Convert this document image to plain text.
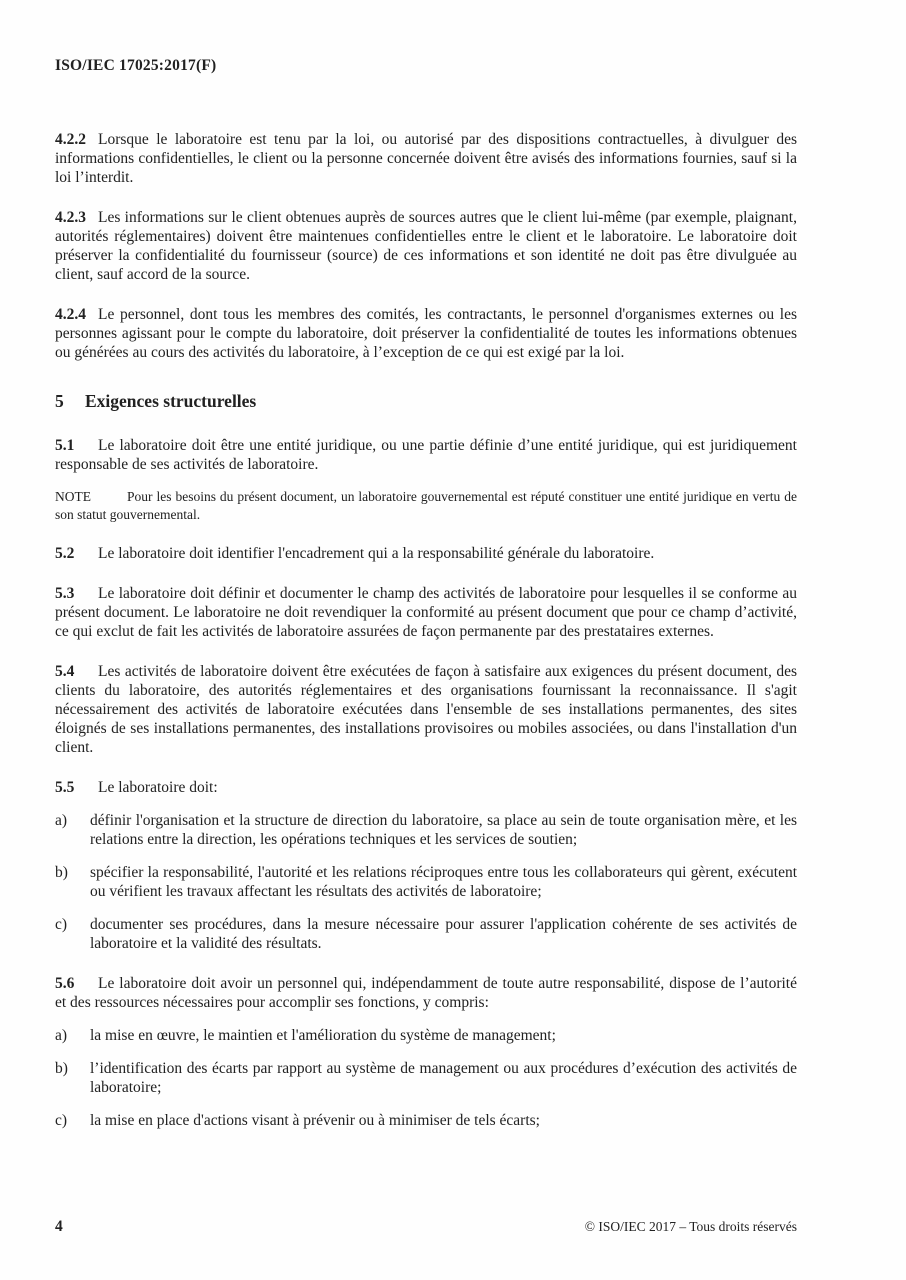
ISO/IEC 17025:2017(F)

4.2.2 Lorsque le laboratoire est tenu par la loi, ou autorisé par des dispositions contractuelles, à divulguer des informations confidentielles, le client ou la personne concernée doivent être avisés des informations fournies, sauf si la loi l’interdit.

4.2.3 Les informations sur le client obtenues auprès de sources autres que le client lui-même (par exemple, plaignant, autorités réglementaires) doivent être maintenues confidentielles entre le client et le laboratoire. Le laboratoire doit préserver la confidentialité du fournisseur (source) de ces informations et son identité ne doit pas être divulguée au client, sauf accord de la source.

4.2.4 Le personnel, dont tous les membres des comités, les contractants, le personnel d'organismes externes ou les personnes agissant pour le compte du laboratoire, doit préserver la confidentialité de toutes les informations obtenues ou générées au cours des activités du laboratoire, à l’exception de ce qui est exigé par la loi.

5 Exigences structurelles

5.1 Le laboratoire doit être une entité juridique, ou une partie définie d’une entité juridique, qui est juridiquement responsable de ses activités de laboratoire.

NOTE	Pour les besoins du présent document, un laboratoire gouvernemental est réputé constituer une entité juridique en vertu de son statut gouvernemental.

5.2 Le laboratoire doit identifier l'encadrement qui a la responsabilité générale du laboratoire.

5.3 Le laboratoire doit définir et documenter le champ des activités de laboratoire pour lesquelles il se conforme au présent document. Le laboratoire ne doit revendiquer la conformité au présent document que pour ce champ d’activité, ce qui exclut de fait les activités de laboratoire assurées de façon permanente par des prestataires externes.

5.4 Les activités de laboratoire doivent être exécutées de façon à satisfaire aux exigences du présent document, des clients du laboratoire, des autorités réglementaires et des organisations fournissant la reconnaissance. Il s'agit nécessairement des activités de laboratoire exécutées dans l'ensemble de ses installations permanentes, des sites éloignés de ses installations permanentes, des installations provisoires ou mobiles associées, ou dans l'installation d'un client.

5.5 Le laboratoire doit:

a) définir l'organisation et la structure de direction du laboratoire, sa place au sein de toute organisation mère, et les relations entre la direction, les opérations techniques et les services de soutien;
b) spécifier la responsabilité, l'autorité et les relations réciproques entre tous les collaborateurs qui gèrent, exécutent ou vérifient les travaux affectant les résultats des activités de laboratoire;
c) documenter ses procédures, dans la mesure nécessaire pour assurer l'application cohérente de ses activités de laboratoire et la validité des résultats.

5.6 Le laboratoire doit avoir un personnel qui, indépendamment de toute autre responsabilité, dispose de l’autorité et des ressources nécessaires pour accomplir ses fonctions, y compris:

a) la mise en œuvre, le maintien et l'amélioration du système de management;
b) l’identification des écarts par rapport au système de management ou aux procédures d’exécution des activités de laboratoire;
c) la mise en place d'actions visant à prévenir ou à minimiser de tels écarts;
4	© ISO/IEC 2017 – Tous droits réservés
